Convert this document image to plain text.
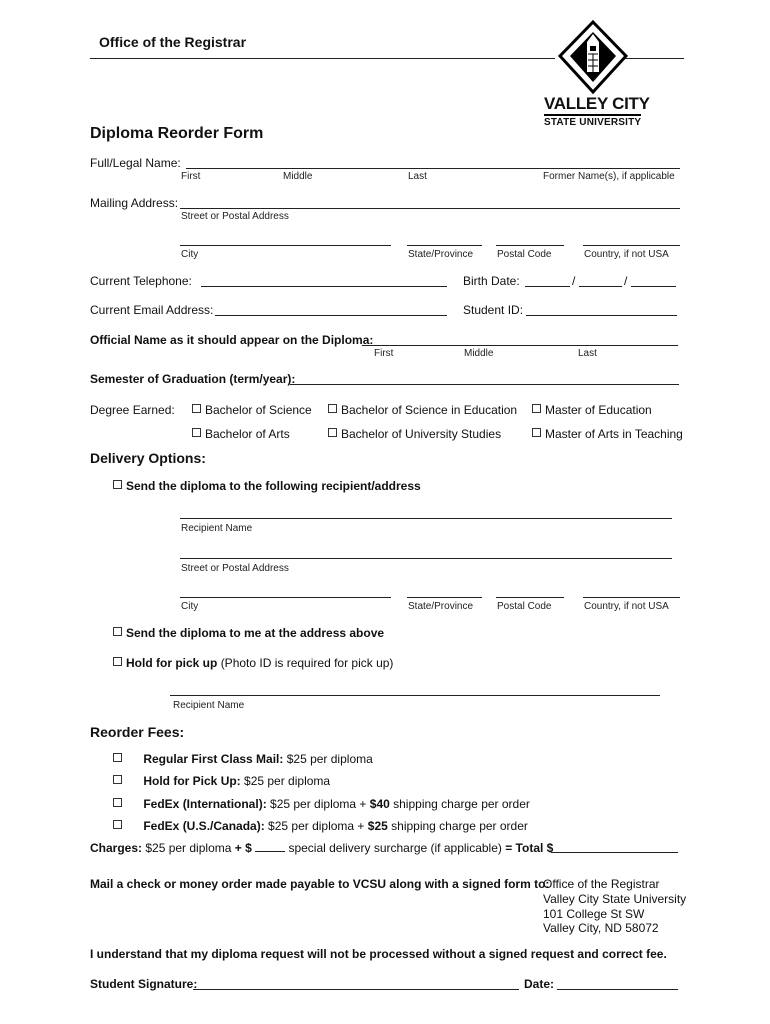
Office of the Registrar
VALLEY CITY
STATE UNIVERSITY
Diploma Reorder Form
Full/Legal Name:
First	Middle	Last	Former Name(s), if applicable
Mailing Address:
Street or Postal Address
City	State/Province Postal Code	Country, if not USA
Current Telephone:	Birth Date:	/	/
Current Email Address:	Student ID:
Official Name as it should appear on the Diploma:
First	Middle	Last
Semester of Graduation (term/year):
Degree Earned:	Bachelor of Science	Bachelor of Science in Education	Master of Education
Bachelor of Arts	Bachelor of University Studies	Master of Arts in Teaching
Delivery Options:
Send the diploma to the following recipient/address
Recipient Name
Street or Postal Address
City	State/Province Postal Code	Country, if not USA
Send the diploma to me at the address above
Hold for pick up (Photo ID is required for pick up)
Recipient Name
Reorder Fees:
Regular First Class Mail: $25 per diploma
Hold for Pick Up: $25 per diploma
FedEx (International): $25 per diploma + $40 shipping charge per order
FedEx (U.S./Canada): $25 per diploma + $25 shipping charge per order
Charges: $25 per diploma + $	special delivery surcharge (if applicable) = Total $
Mail a check or money order made payable to VCSU along with a signed form to:
Office of the Registrar
Valley City State University
101 College St SW
Valley City, ND 58072
I understand that my diploma request will not be processed without a signed request and correct fee.
Student Signature:	Date:
